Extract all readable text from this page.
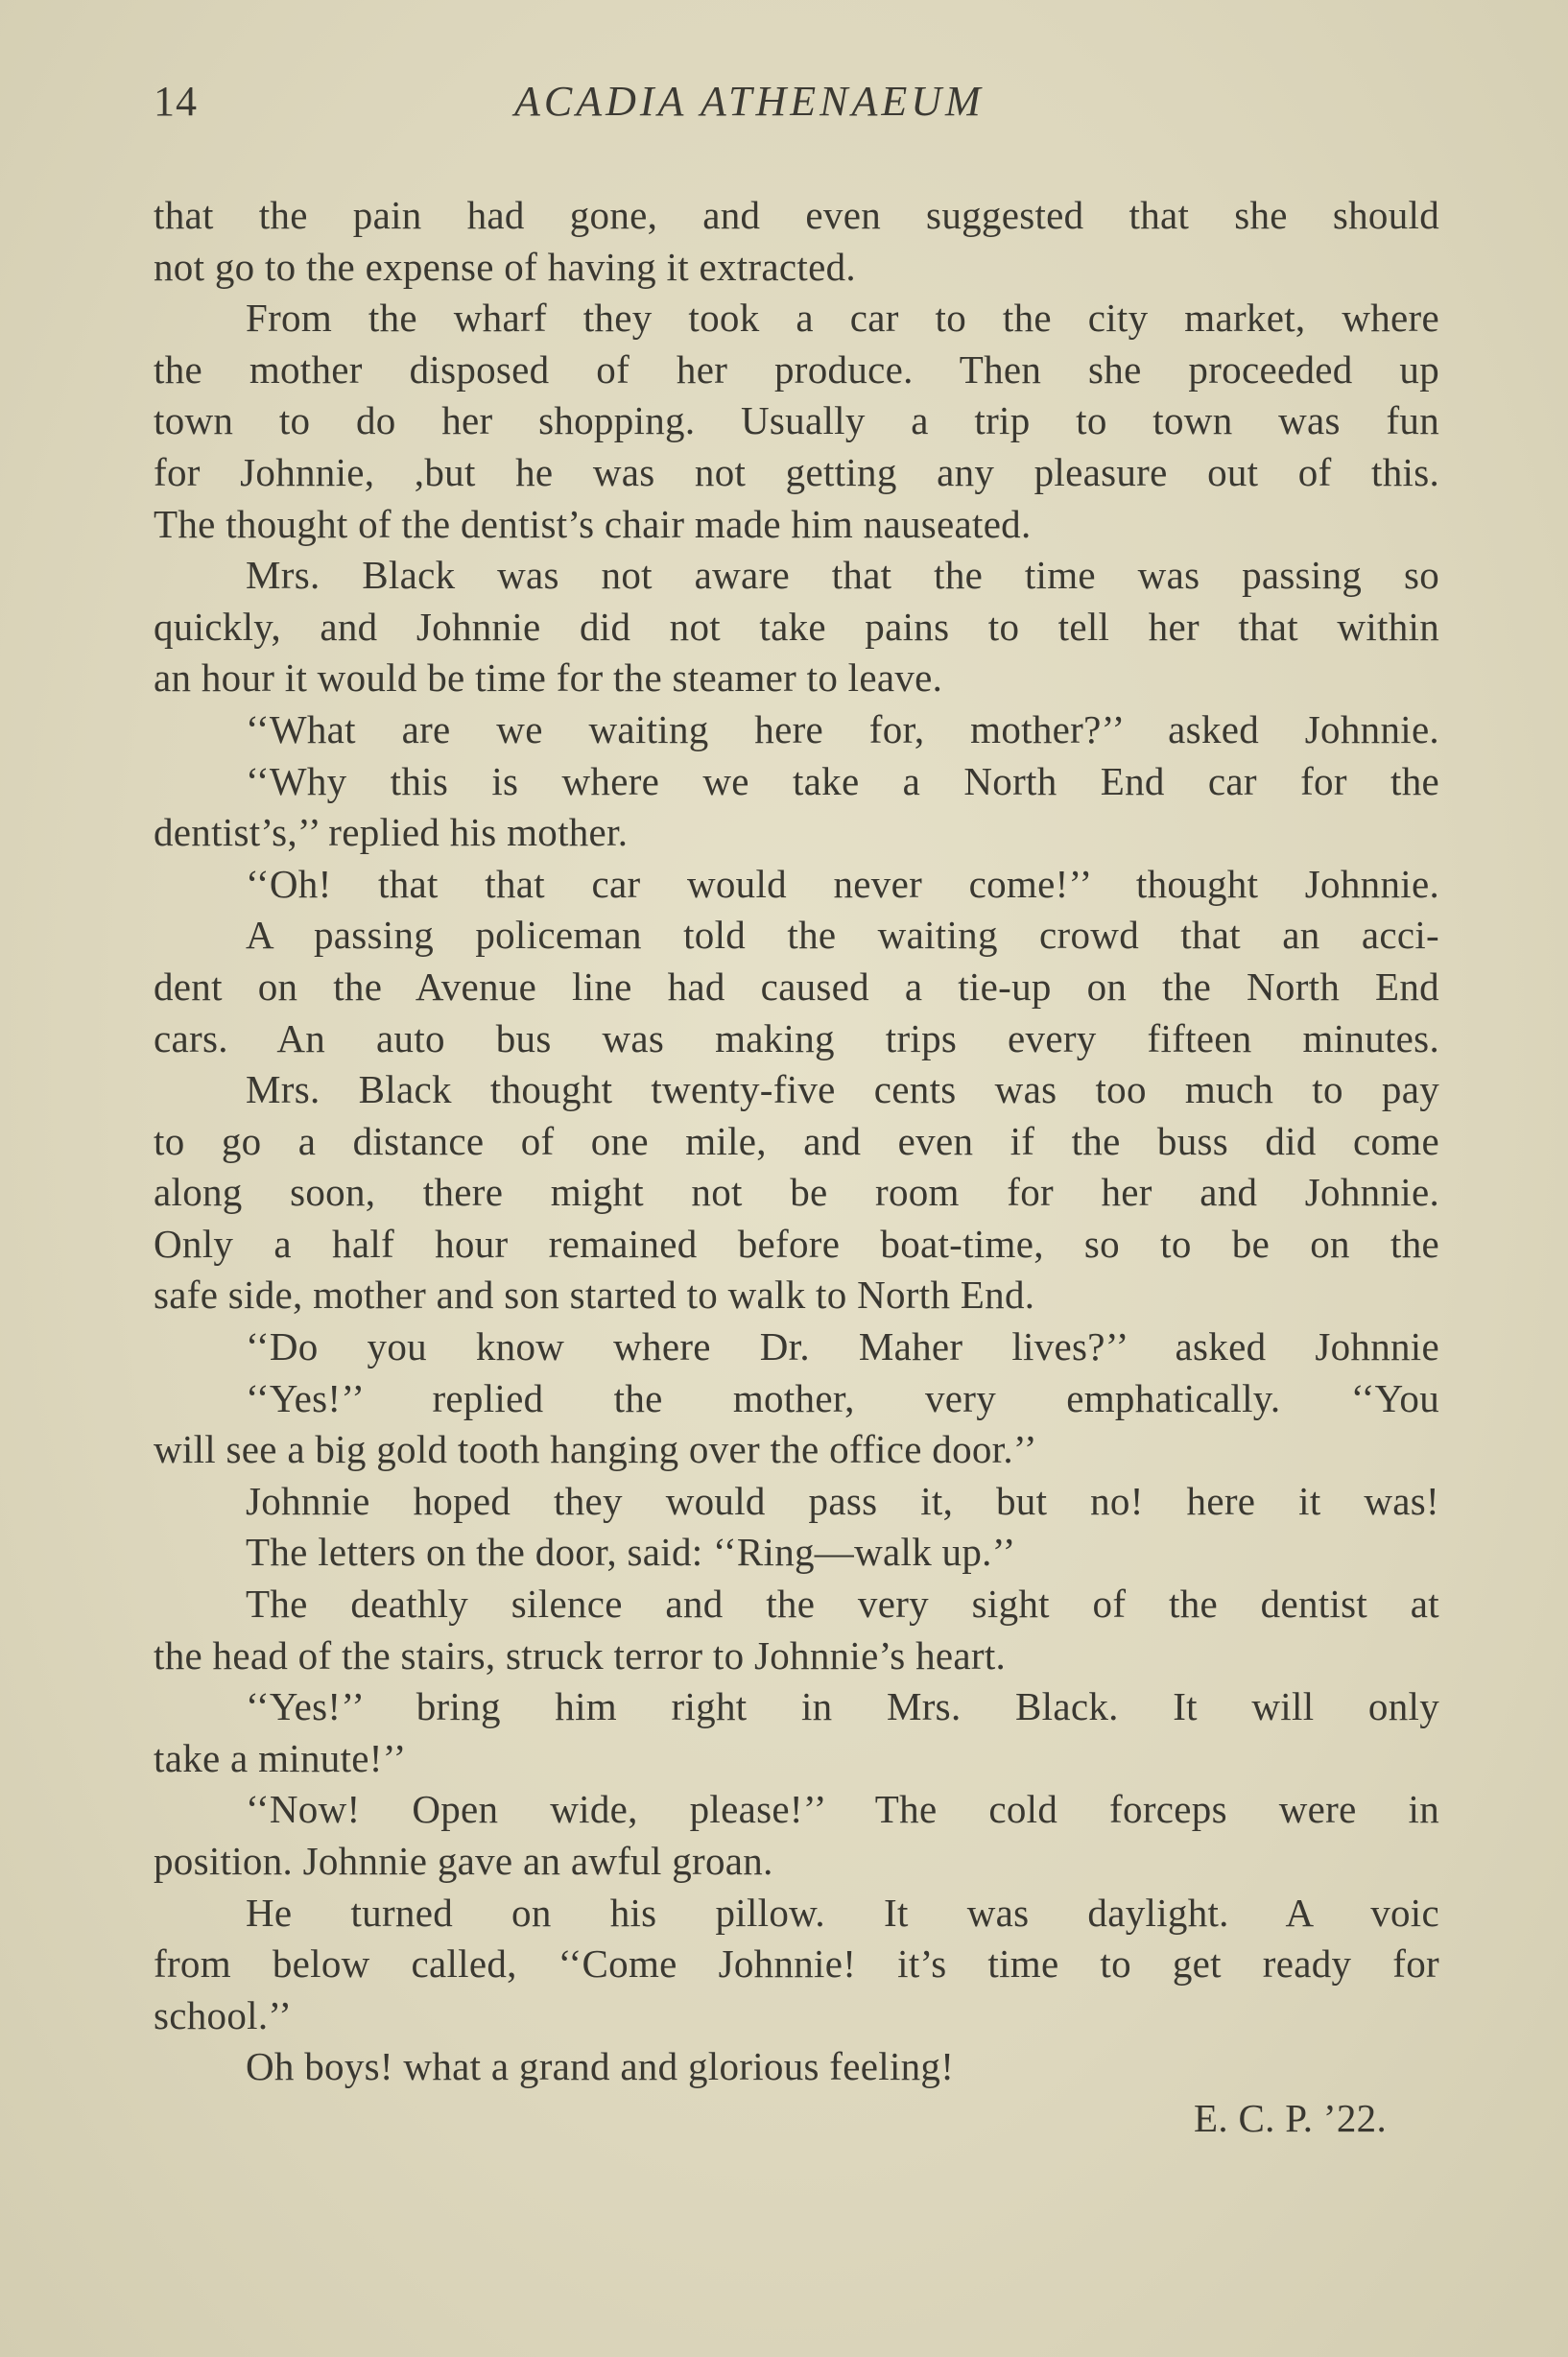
14	ACADIA ATHENAEUM
that the pain had gone, and even suggested that she should
not go to the expense of having it extracted.
From the wharf they took a car to the city market, where
the mother disposed of her produce. Then she proceeded up
town to do her shopping. Usually a trip to town was fun
for Johnnie, ,but he was not getting any pleasure out of this.
The thought of the dentist’s chair made him nauseated.
Mrs. Black was not aware that the time was passing so
quickly, and Johnnie did not take pains to tell her that within
an hour it would be time for the steamer to leave.
‘‘What are we waiting here for, mother?’’ asked Johnnie.
‘‘Why this is where we take a North End car for the
dentist’s,’’ replied his mother.
‘‘Oh! that that car would never come!’’ thought Johnnie.
A passing policeman told the waiting crowd that an acci-
dent on the Avenue line had caused a tie-up on the North End
cars. An auto bus was making trips every fifteen minutes.
Mrs. Black thought twenty-five cents was too much to pay
to go a distance of one mile, and even if the buss did come
along soon, there might not be room for her and Johnnie.
Only a half hour remained before boat-time, so to be on the
safe side, mother and son started to walk to North End.
‘‘Do you know where Dr. Maher lives?’’ asked Johnnie
‘‘Yes!’’ replied the mother, very emphatically. ‘‘You
will see a big gold tooth hanging over the office door.’’
Johnnie hoped they would pass it, but no! here it was!
The letters on the door, said: ‘‘Ring—walk up.’’
The deathly silence and the very sight of the dentist at
the head of the stairs, struck terror to Johnnie’s heart.
‘‘Yes!’’ bring him right in Mrs. Black. It will only
take a minute!’’
‘‘Now! Open wide, please!’’ The cold forceps were in
position. Johnnie gave an awful groan.
He turned on his pillow. It was daylight. A voic
from below called, ‘‘Come Johnnie! it’s time to get ready for
school.’’
Oh boys! what a grand and glorious feeling!
E. C. P. ’22.
